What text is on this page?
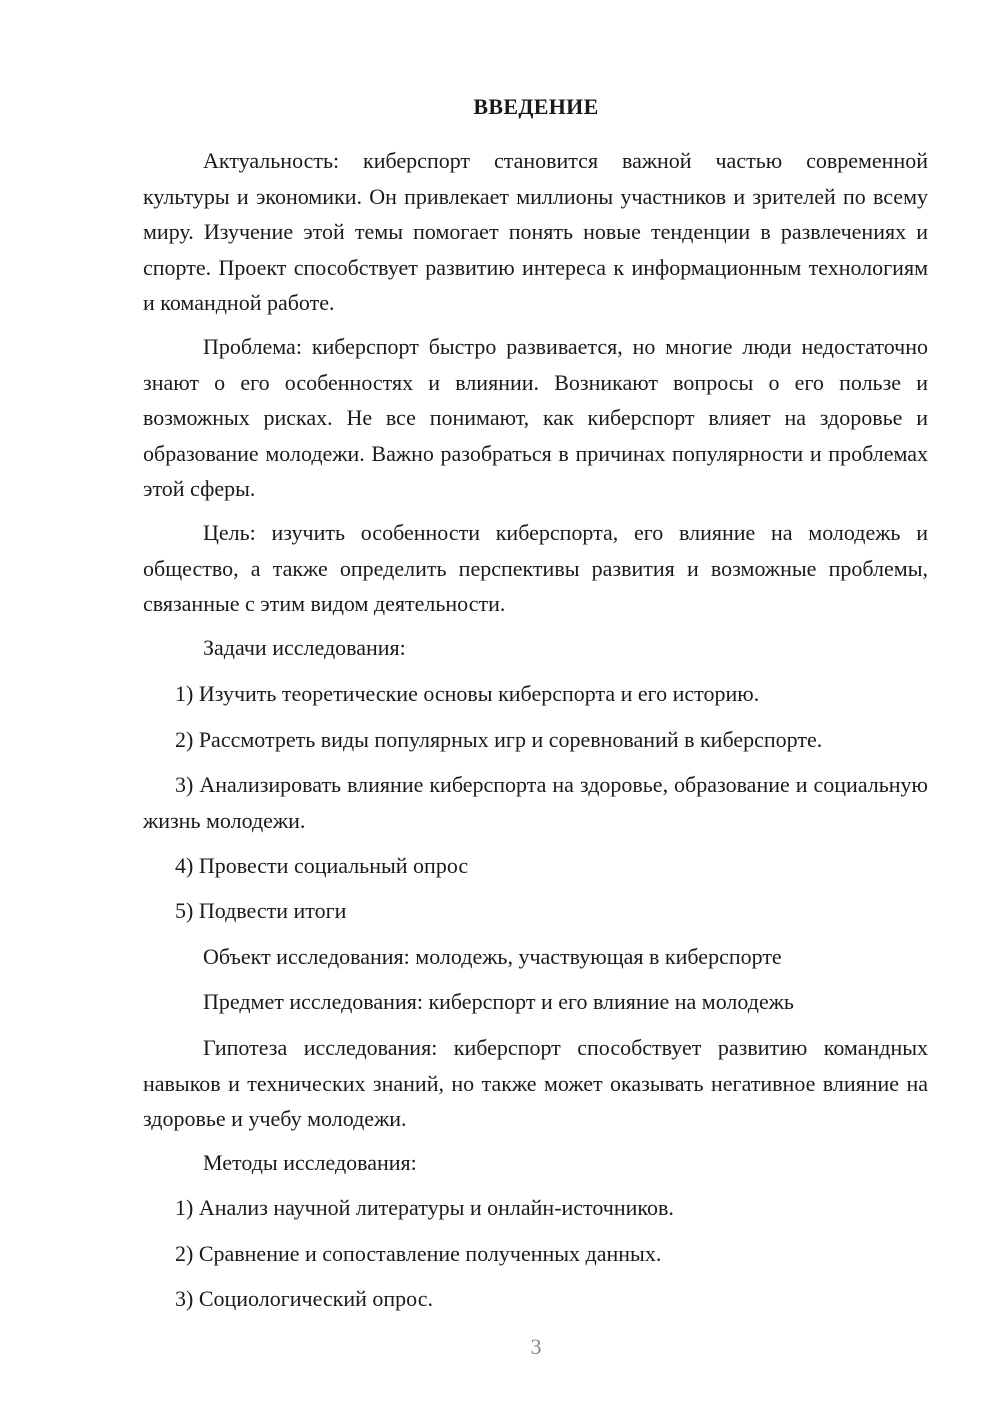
ВВЕДЕНИЕ
Актуальность: киберспорт становится важной частью современной культуры и экономики. Он привлекает миллионы участников и зрителей по всему миру. Изучение этой темы помогает понять новые тенденции в развлечениях и спорте. Проект способствует развитию интереса к информационным технологиям и командной работе.
Проблема: киберспорт быстро развивается, но многие люди недостаточно знают о его особенностях и влиянии. Возникают вопросы о его пользе и возможных рисках. Не все понимают, как киберспорт влияет на здоровье и образование молодежи. Важно разобраться в причинах популярности и проблемах этой сферы.
Цель: изучить особенности киберспорта, его влияние на молодежь и общество, а также определить перспективы развития и возможные проблемы, связанные с этим видом деятельности.
Задачи исследования:
1) Изучить теоретические основы киберспорта и его историю.
2) Рассмотреть виды популярных игр и соревнований в киберспорте.
3) Анализировать влияние киберспорта на здоровье, образование и социальную жизнь молодежи.
4) Провести социальный опрос
5) Подвести итоги
Объект исследования: молодежь, участвующая в киберспорте
Предмет исследования: киберспорт и его влияние на молодежь
Гипотеза исследования: киберспорт способствует развитию командных навыков и технических знаний, но также может оказывать негативное влияние на здоровье и учебу молодежи.
Методы исследования:
1) Анализ научной литературы и онлайн-источников.
2) Сравнение и сопоставление полученных данных.
3) Социологический опрос.
3
